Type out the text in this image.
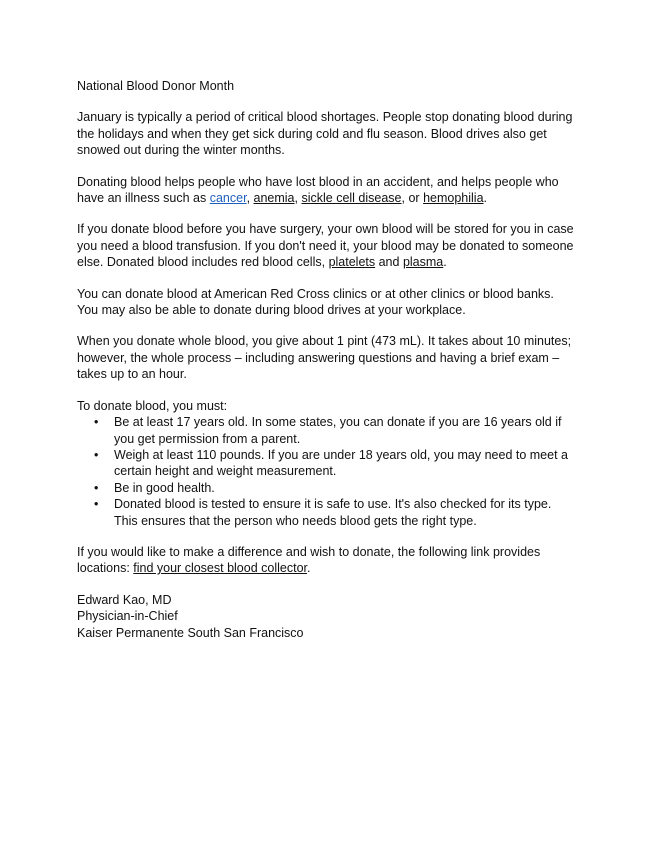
National Blood Donor Month

January is typically a period of critical blood shortages. People stop donating blood during the holidays and when they get sick during cold and flu season. Blood drives also get snowed out during the winter months.

Donating blood helps people who have lost blood in an accident, and helps people who have an illness such as cancer, anemia, sickle cell disease, or hemophilia.

If you donate blood before you have surgery, your own blood will be stored for you in case you need a blood transfusion. If you don't need it, your blood may be donated to someone else. Donated blood includes red blood cells, platelets and plasma.

You can donate blood at American Red Cross clinics or at other clinics or blood banks. You may also be able to donate during blood drives at your workplace.

When you donate whole blood, you give about 1 pint (473 mL). It takes about 10 minutes; however, the whole process – including answering questions and having a brief exam – takes up to an hour.

To donate blood, you must:

• Be at least 17 years old. In some states, you can donate if you are 16 years old if you get permission from a parent.
• Weigh at least 110 pounds. If you are under 18 years old, you may need to meet a certain height and weight measurement.
• Be in good health.
• Donated blood is tested to ensure it is safe to use. It's also checked for its type. This ensures that the person who needs blood gets the right type.

If you would like to make a difference and wish to donate, the following link provides locations: find your closest blood collector.

Edward Kao, MD

Physician-in-Chief

Kaiser Permanente South San Francisco
